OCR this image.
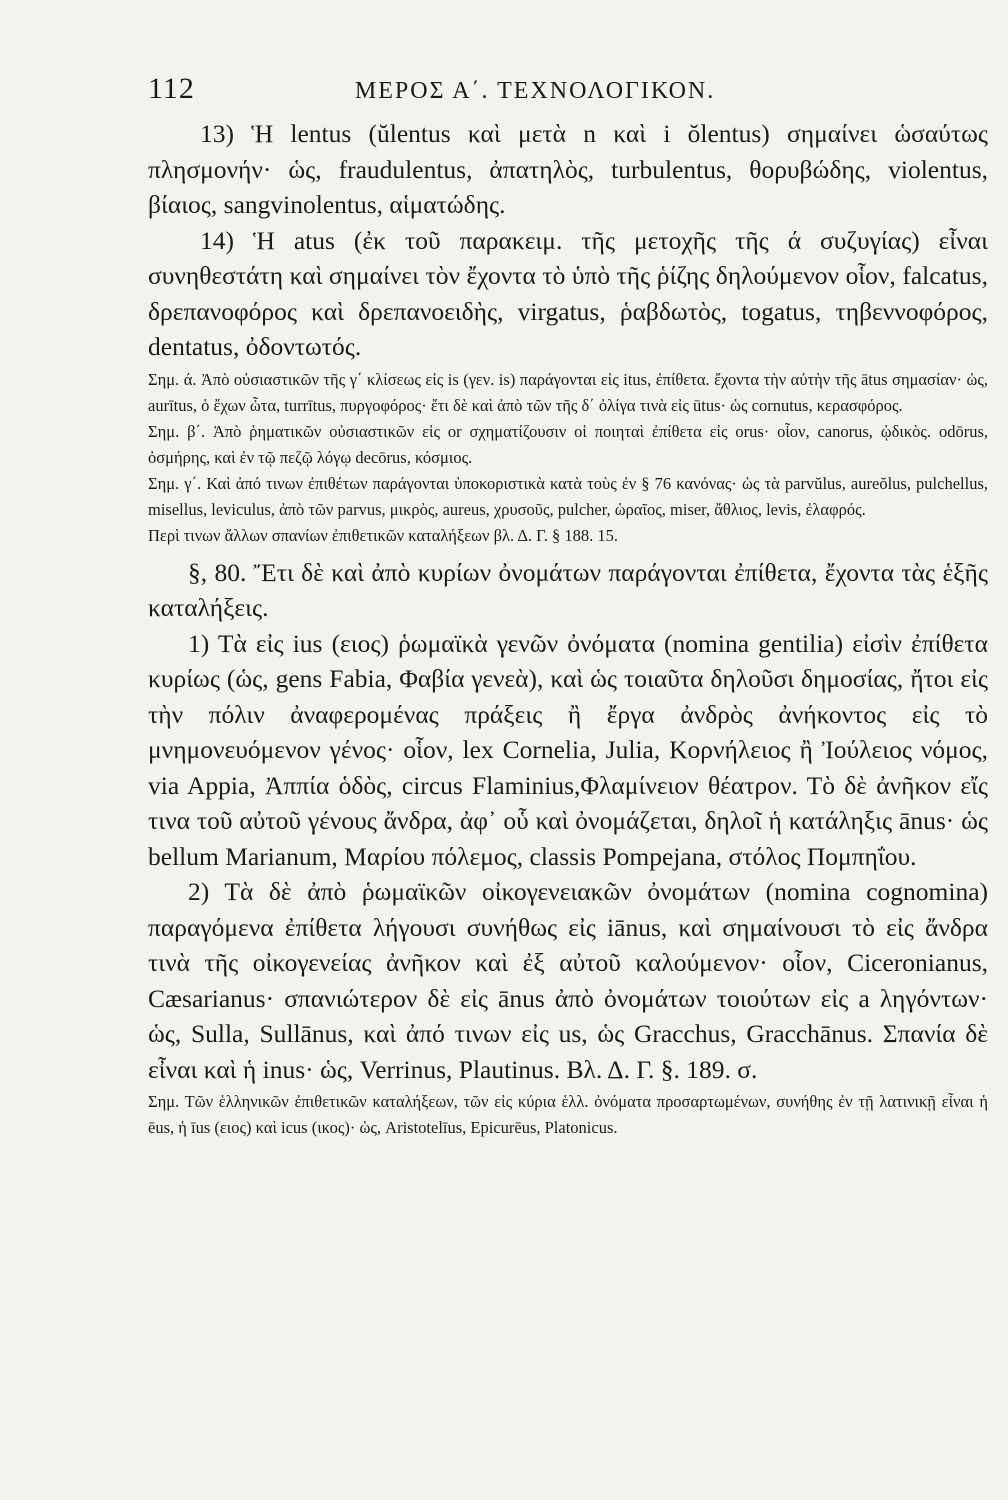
112	ΜΕΡΟΣ Α΄. ΤΕΧΝΟΛΟΓΙΚΟΝ.

13) Ἡ lentus (ŭlentus καὶ μετὰ n καὶ i ŏlentus) σημαίνει ὡσαύτως πλησμονήν· ὡς, fraudulentus, ἀπατηλὸς, turbulentus, θορυβώδης, violentus, βίαιος, sangvinolentus, αἱματώδης.

14) Ἡ atus (ἐκ τοῦ παρακειμ. τῆς μετοχῆς τῆς ά συζυγίας) εἶναι συνηθεστάτη καὶ σημαίνει τὸν ἔχοντα τὸ ὑπὸ τῆς ῥίζης δηλούμενον οἷον, falcatus, δρεπανοφόρος καὶ δρεπανοειδὴς, virgatus, ῥαβδωτὸς, togatus, τηβεννοφόρος, dentatus, ὀδοντωτός.

Σημ. ά. Ἀπὸ οὐσιαστικῶν τῆς γ΄ κλίσεως εἰς is (γεν. is) παράγονται εἰς itus, ἐπίθετα. ἔχοντα τὴν αὐτὴν τῆς ātus σημασίαν· ὡς, aurītus, ὁ ἔχων ὦτα, turrītus, πυργοφόρος· ἔτι δὲ καὶ ἀπὸ τῶν τῆς δ΄ ὀλίγα τινὰ εἰς ūtus· ὡς cornutus, κερασφόρος.

Σημ. β΄. Ἀπὸ ῥηματικῶν οὐσιαστικῶν εἰς or σχηματίζουσιν οἱ ποιηταὶ ἐπίθετα εἰς orus· οἷον, canorus, ᾠδικὸς. odōrus, ὀσμήρης, καὶ ἐν τῷ πεζῷ λόγῳ decōrus, κόσμιος.

Σημ. γ΄. Καὶ ἀπό τινων ἐπιθέτων παράγονται ὑποκοριστικὰ κατὰ τοὺς ἐν § 76 κανόνας· ὡς τὰ parvŭlus, aureŏlus, pulchellus, misellus, leviculus, ἀπὸ τῶν parvus, μικρὸς, aureus, χρυσοῦς, pulcher, ὡραῖος, miser, ἄθλιος, levis, ἐλαφρός.

Περὶ τινων ἄλλων σπανίων ἐπιθετικῶν καταλήξεων βλ. Δ. Γ. § 188. 15.

§, 80. Ἔτι δὲ καὶ ἀπὸ κυρίων ὀνομάτων παράγονται ἐπίθετα, ἔχοντα τὰς ἑξῆς καταλήξεις.

1) Τὰ εἰς ius (ειος) ῥωμαϊκὰ γενῶν ὀνόματα (nomina gentilia) εἰσὶν ἐπίθετα κυρίως (ὡς, gens Fabia, Φαβία γενεὰ), καὶ ὡς τοιαῦτα δηλοῦσι δημοσίας, ἤτοι εἰς τὴν πόλιν ἀναφερομένας πράξεις ἢ ἔργα ἀνδρὸς ἀνήκοντος εἰς τὸ μνημονευόμενον γένος· οἷον, lex Cornelia, Julia, Κορνήλειος ἢ Ἰούλειος νόμος, via Appia, Ἀππία ὁδὸς, circus Flaminius,Φλαμίνειον θέατρον. Τὸ δὲ ἀνῆκον εἴς τινα τοῦ αὐτοῦ γένους ἄνδρα, ἀφ᾽ οὗ καὶ ὀνομάζεται, δηλοῖ ἡ κατάληξις ānus· ὡς bellum Marianum, Μαρίου πόλεμος, classis Pompejana, στόλος Πομπηΐου.

2) Τὰ δὲ ἀπὸ ῥωμαϊκῶν οἰκογενειακῶν ὀνομάτων (nomina cognomina) παραγόμενα ἐπίθετα λήγουσι συνήθως εἰς iānus, καὶ σημαίνουσι τὸ εἰς ἄνδρα τινὰ τῆς οἰκογενείας ἀνῆκον καὶ ἐξ αὐτοῦ καλούμενον· οἷον, Ciceronianus, Cæsarianus· σπανιώτερον δὲ εἰς ānus ἀπὸ ὀνομάτων τοιούτων εἰς a ληγόντων· ὡς, Sulla, Sullānus, καὶ ἀπό τινων εἰς us, ὡς Gracchus, Gracchānus. Σπανία δὲ εἶναι καὶ ἡ inus· ὡς, Verrinus, Plautinus. Βλ. Δ. Γ. §. 189. σ.

Σημ. Τῶν ἑλληνικῶν ἐπιθετικῶν καταλήξεων, τῶν εἰς κύρια ἑλλ. ὀνόματα προσαρτωμένων, συνήθης ἐν τῇ λατινικῇ εἶναι ἡ ēus, ἡ īus (ειος) καὶ icus (ικος)· ὡς, Aristotelīus, Epicurēus, Platonicus.
